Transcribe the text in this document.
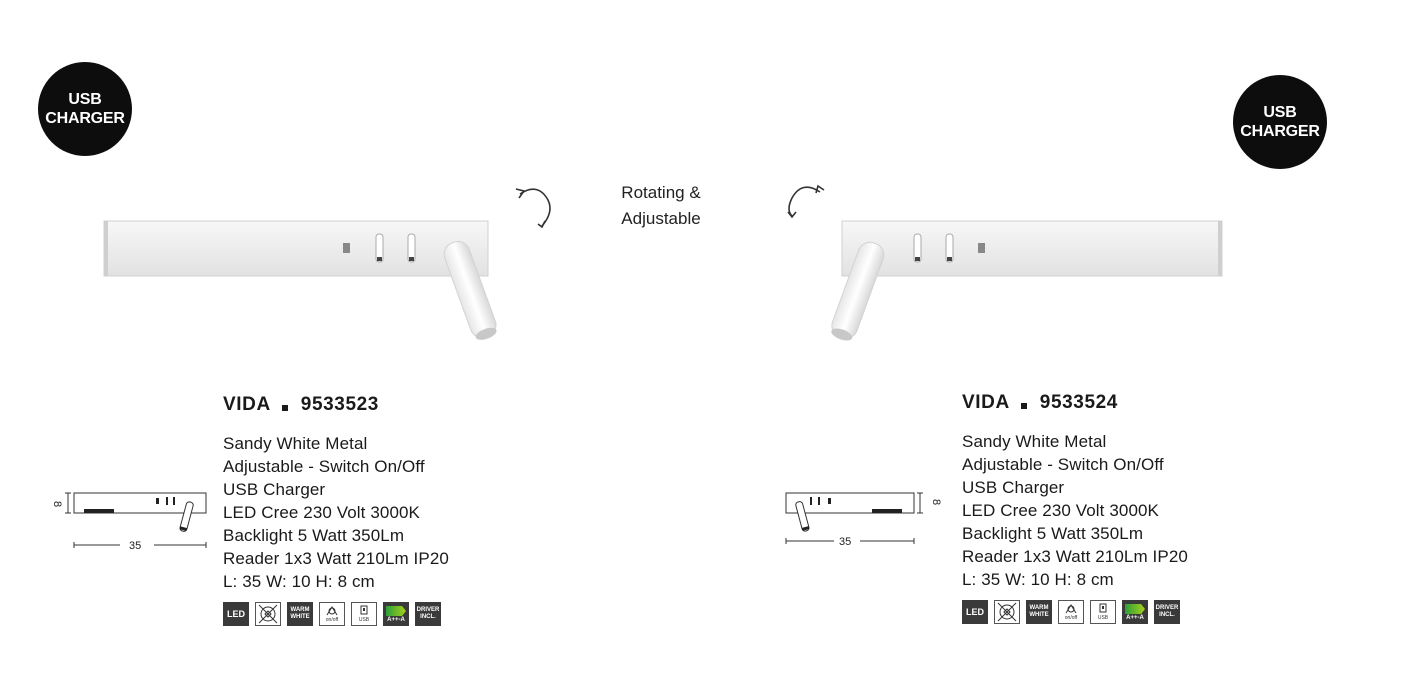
USB
CHARGER	USB
CHARGER
Rotating &
Adjustable
8
35
8
35
VIDA 9533523
Sandy White Metal
Adjustable - Switch On/Off
USB Charger
LED Cree 230 Volt 3000K
Backlight 5 Watt 350Lm
Reader 1x3 Watt 210Lm IP20
L: 35 W: 10 H: 8 cm
LED	WARM
WHITE	on/off	USB	A++-A
DRIVER
INCL.
VIDA 9533524
Sandy White Metal
Adjustable - Switch On/Off
USB Charger
LED Cree 230 Volt 3000K
Backlight 5 Watt 350Lm
Reader 1x3 Watt 210Lm IP20
L: 35 W: 10 H: 8 cm
LED	WARM
WHITE	on/off	USB	A++-A
DRIVER
INCL.
